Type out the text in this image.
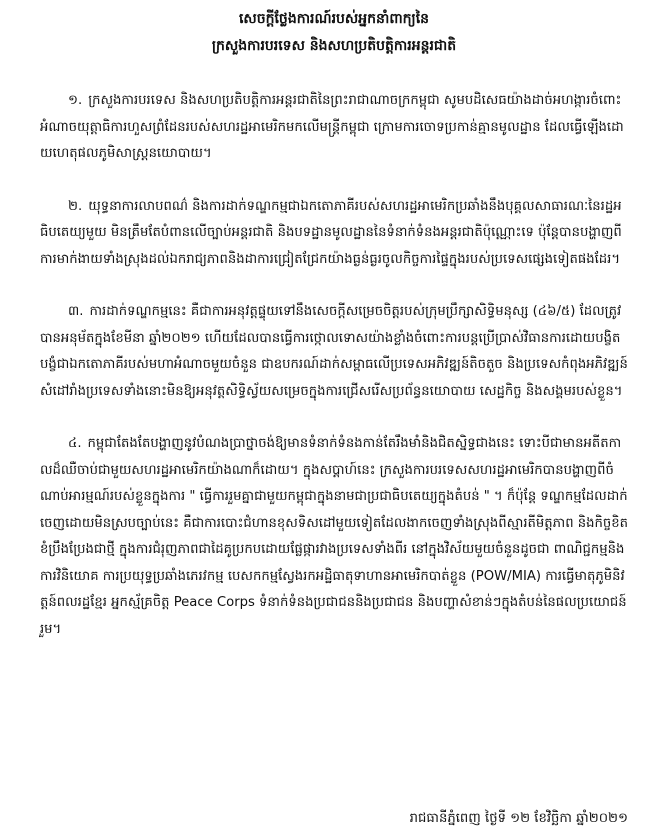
សេចក្ដីថ្លែងការណ៍របស់អ្នកនាំពាក្យនៃ
ក្រសួងការបរទេស និងសហប្រតិបត្តិការអន្តរជាតិ

១. ក្រសួងការបរទេស និងសហប្រតិបត្តិការអន្តរជាតិនៃព្រះរាជាណាចក្រកម្ពុជា សូមបដិសេធយ៉ាងដាច់អហង្ការចំពោះអំណាចយុត្តាធិការហួសព្រំដែនរបស់សហរដ្ឋអាមេរិកមកលើមន្ត្រីកម្ពុជា ក្រោមការចោទប្រកាន់គ្មានមូលដ្ឋាន ដែលធ្វើឡើងដោយហេតុផលភូមិសាស្ត្រនយោបាយ។

២. យុទ្ធនាការលាបពណ៌ និងការដាក់ទណ្ឌកម្មជាឯកតោភាគីរបស់សហរដ្ឋអាមេរិកប្រឆាំងនឹងបុគ្គលសាធារណៈនៃរដ្ឋអធិបតេយ្យមួយ មិនត្រឹមតែបំពានលើច្បាប់អន្តរជាតិ និងបទដ្ឋានមូលដ្ឋាននៃទំនាក់ទំនងអន្តរជាតិប៉ុណ្ណោះទេ ប៉ុន្តែបានបង្ហាញពីការមាក់ងាយទាំងស្រុងដល់ឯករាជ្យភាពនិងដាការជ្រៀតជ្រែកយ៉ាងធ្ងន់ធ្ងរចូលកិច្ចការផ្ទៃក្នុងរបស់ប្រទេសផ្សេងទៀតផងដែរ។

៣. ការដាក់ទណ្ឌកម្មនេះ គឺជាការអនុវត្តផ្ទុយទៅនឹងសេចក្ដីសម្រេចចិត្តរបស់ក្រុមប្រឹក្សាសិទ្ធិមនុស្ស (៤៦/៥) ដែលត្រូវបានអនុម័តក្នុងខែមីនា ឆ្នាំ២០២១ ហើយដែលបានធ្វើការថ្កោលទោសយ៉ាងខ្លាំងចំពោះការបន្តប្រើប្រាស់វិធានការដោយបង្ខិតបង្ខំជាឯកតោភាគីរបស់មហាអំណាចមួយចំនួន ជាឧបករណ៍ដាក់សម្ពាធលើប្រទេសអភិវឌ្ឍន៍តិចតួច និងប្រទេសកំពុងអភិវឌ្ឍន៍ សំដៅរាំងប្រទេសទាំងនោះមិនឱ្យអនុវត្តសិទ្ធិស្វ័យសម្រេចក្នុងការជ្រើសរើសប្រព័ន្ធនយោបាយ សេដ្ឋកិច្ច និងសង្គមរបស់ខ្លួន។

៤. កម្ពុជាតែងតែបង្ហាញនូវបំណងប្រាថ្នាចង់ឱ្យមានទំនាក់ទំនងកាន់តែរឹងមាំនិងជិតស្និទ្ធជាងនេះ ទោះបីជាមានអតីតកាលដ៏ឈឺចាប់ជាមួយសហរដ្ឋអាមេរិកយ៉ាងណាក៏ដោយ។ ក្នុងសប្ដាហ៍នេះ ក្រសួងការបរទេសសហរដ្ឋអាមេរិកបានបង្ហាញពីចំណាប់អារម្មណ៍របស់ខ្លួនក្នុងការ " ធ្វើការរួមគ្នាជាមួយកម្ពុជាក្នុងនាមជាប្រជាធិបតេយ្យក្នុងតំបន់ " ។ ក៏ប៉ុន្តែ ទណ្ឌកម្មដែលដាក់ចេញដោយមិនស្របច្បាប់នេះ គឺជាការបោះជំហានខុសទិសដៅមួយទៀតដែលងាកចេញទាំងស្រុងពីស្មារតីមិត្តភាព និងកិច្ចខិតខំប្រឹងប្រែងជាថ្មី ក្នុងការជំរុញភាពជាដៃគូប្រកបដោយផ្លែផ្ការវាងប្រទេសទាំងពីរ នៅក្នុងវិស័យមួយចំនួនដូចជា ពាណិជ្ជកម្មនិងការវិនិយោគ ការប្រយុទ្ធប្រឆាំងភេរវកម្ម បេសកកម្មស្វែងរកអដ្ឋិធាតុទាហានអាមេរិកបាត់ខ្លួន (POW/MIA) ការធ្វើមាតុភូមិនិវត្តន៍ពលរដ្ឋខ្មែរ អ្នកស្ម័គ្រចិត្ត Peace Corps ទំនាក់ទំនងប្រជាជននិងប្រជាជន និងបញ្ហាសំខាន់ៗក្នុងតំបន់នៃផលប្រយោជន៍រួម។

រាជធានីភ្នំពេញ ថ្ងៃទី ១២ ខែវិច្ឆិកា ឆ្នាំ២០២១
